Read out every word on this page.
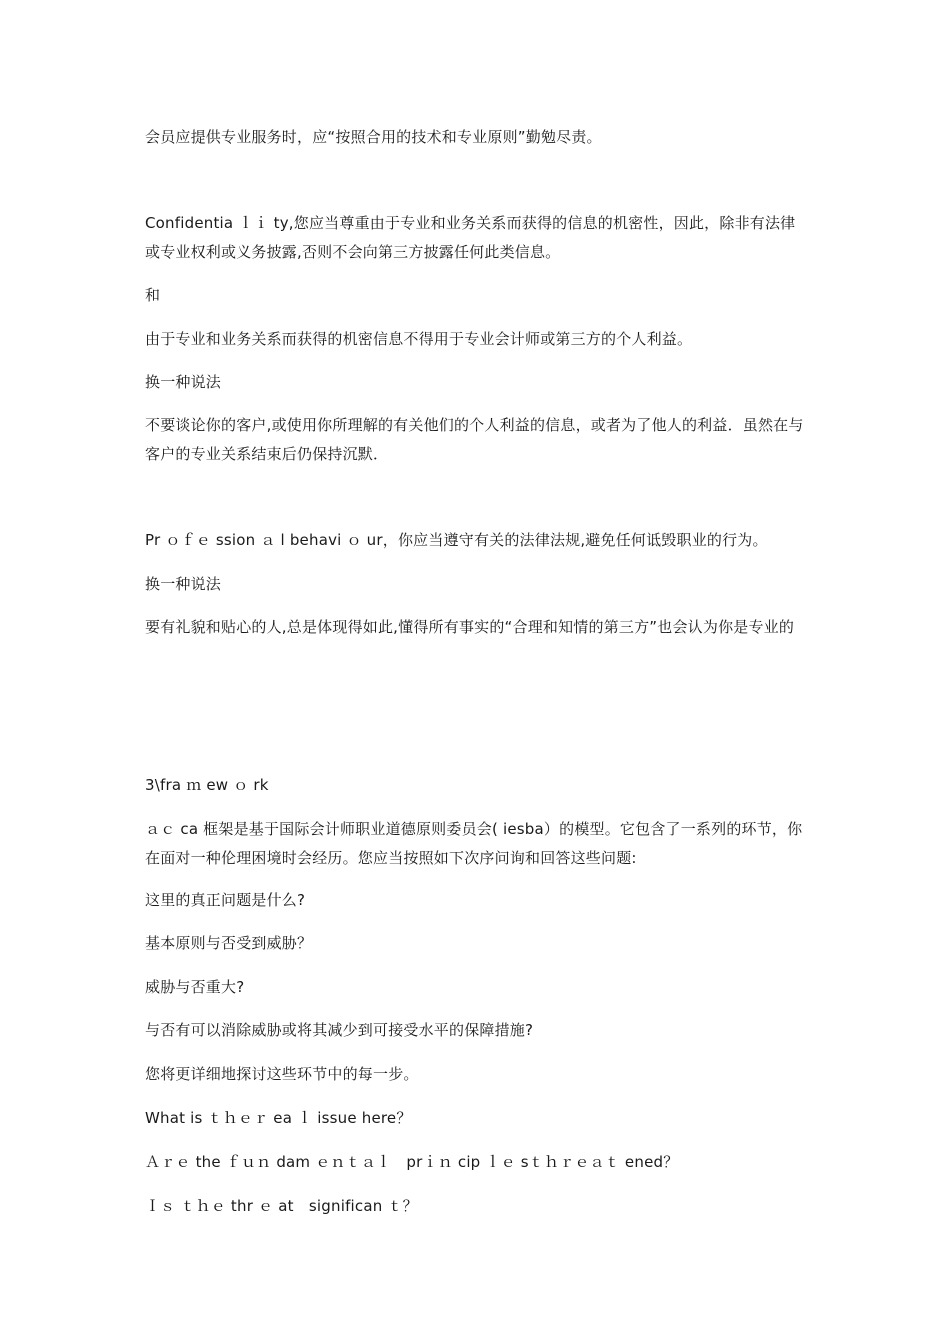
会员应提供专业服务时，应“按照合用的技术和专业原则”勤勉尽责。

Confidentia ｌｉ ty,您应当尊重由于专业和业务关系而获得的信息的机密性，因此，除非有法律或专业权利或义务披露,否则不会向第三方披露任何此类信息。

和

由于专业和业务关系而获得的机密信息不得用于专业会计师或第三方的个人利益。

换一种说法

不要谈论你的客户,或使用你所理解的有关他们的个人利益的信息，或者为了他人的利益．虽然在与客户的专业关系结束后仍保持沉默．

Pr ｏｆｅ ssion ａ l behavi ｏ ur，你应当遵守有关的法律法规,避免任何诋毁职业的行为。

换一种说法

要有礼貌和贴心的人,总是体现得如此,懂得所有事实的“合理和知情的第三方”也会认为你是专业的

3\fra ｍ ew ｏ rk

ａｃ ca 框架是基于国际会计师职业道德原则委员会( iesba）的模型。它包含了一系列的环节，你在面对一种伦理困境时会经历。您应当按照如下次序问询和回答这些问题:

这里的真正问题是什么?

基本原则与否受到威胁？

威胁与否重大?

与否有可以消除威胁或将其减少到可接受水平的保障措施?

您将更详细地探讨这些环节中的每一步。

What is ｔｈｅｒ ea ｌ issue here？

Ａｒｅ the ｆｕｎ dam ｅｎｔａｌ　prｉｎ cip ｌｅ sｔｈｒｅａｔ ened？

Ｉｓ ｔｈｅ thr ｅ at　significan ｔ？
